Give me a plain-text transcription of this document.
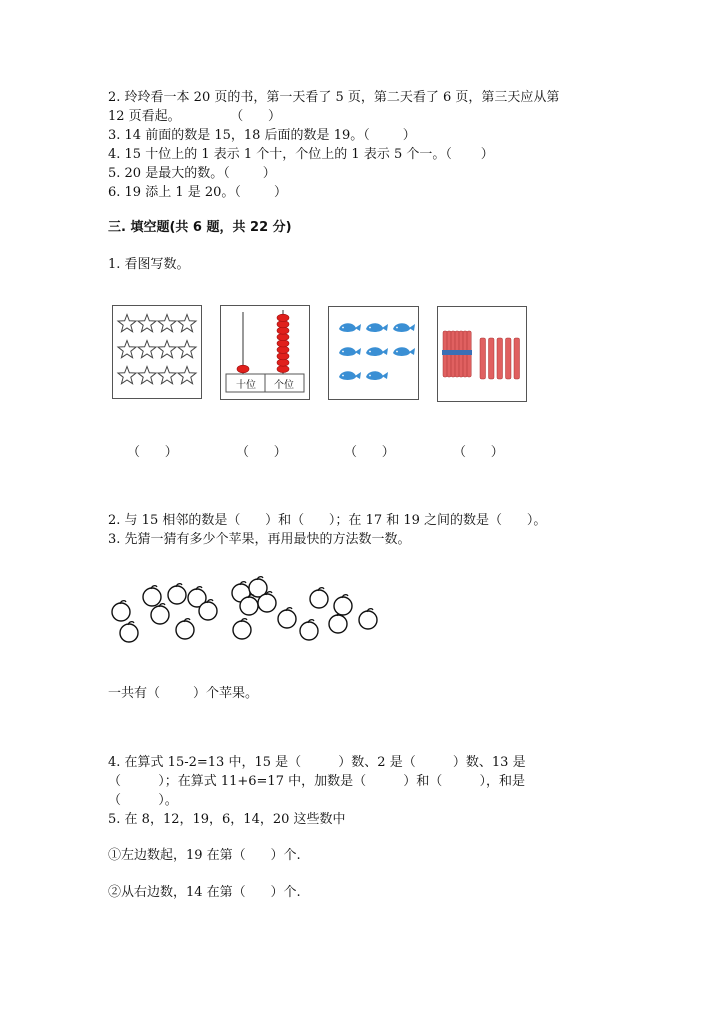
2. 玲玲看一本 20 页的书，第一天看了 5 页，第二天看了 6 页，第三天应从第
12 页看起。            （      ）
3. 14 前面的数是 15，18 后面的数是 19。（        ）
4. 15 十位上的 1 表示 1 个十，个位上的 1 表示 5 个一。（       ）
5. 20 是最大的数。（        ）
6. 19 添上 1 是 20。（        ）
三. 填空题(共 6 题，共 22 分)
1. 看图写数。
十位	个位
（      ）	（      ）	（      ）	（      ）
2. 与 15 相邻的数是（      ）和（      ）；在 17 和 19 之间的数是（      ）。
3. 先猜一猜有多少个苹果，再用最快的方法数一数。
一共有（        ）个苹果。
4. 在算式 15-2=13 中，15 是（         ）数、2 是（         ）数、13 是
（         ）；在算式 11+6=17 中，加数是（         ）和（         ），和是
（         ）。
5. 在 8，12，19，6，14，20 这些数中
①左边数起，19 在第（      ）个.
②从右边数，14 在第（      ）个.
